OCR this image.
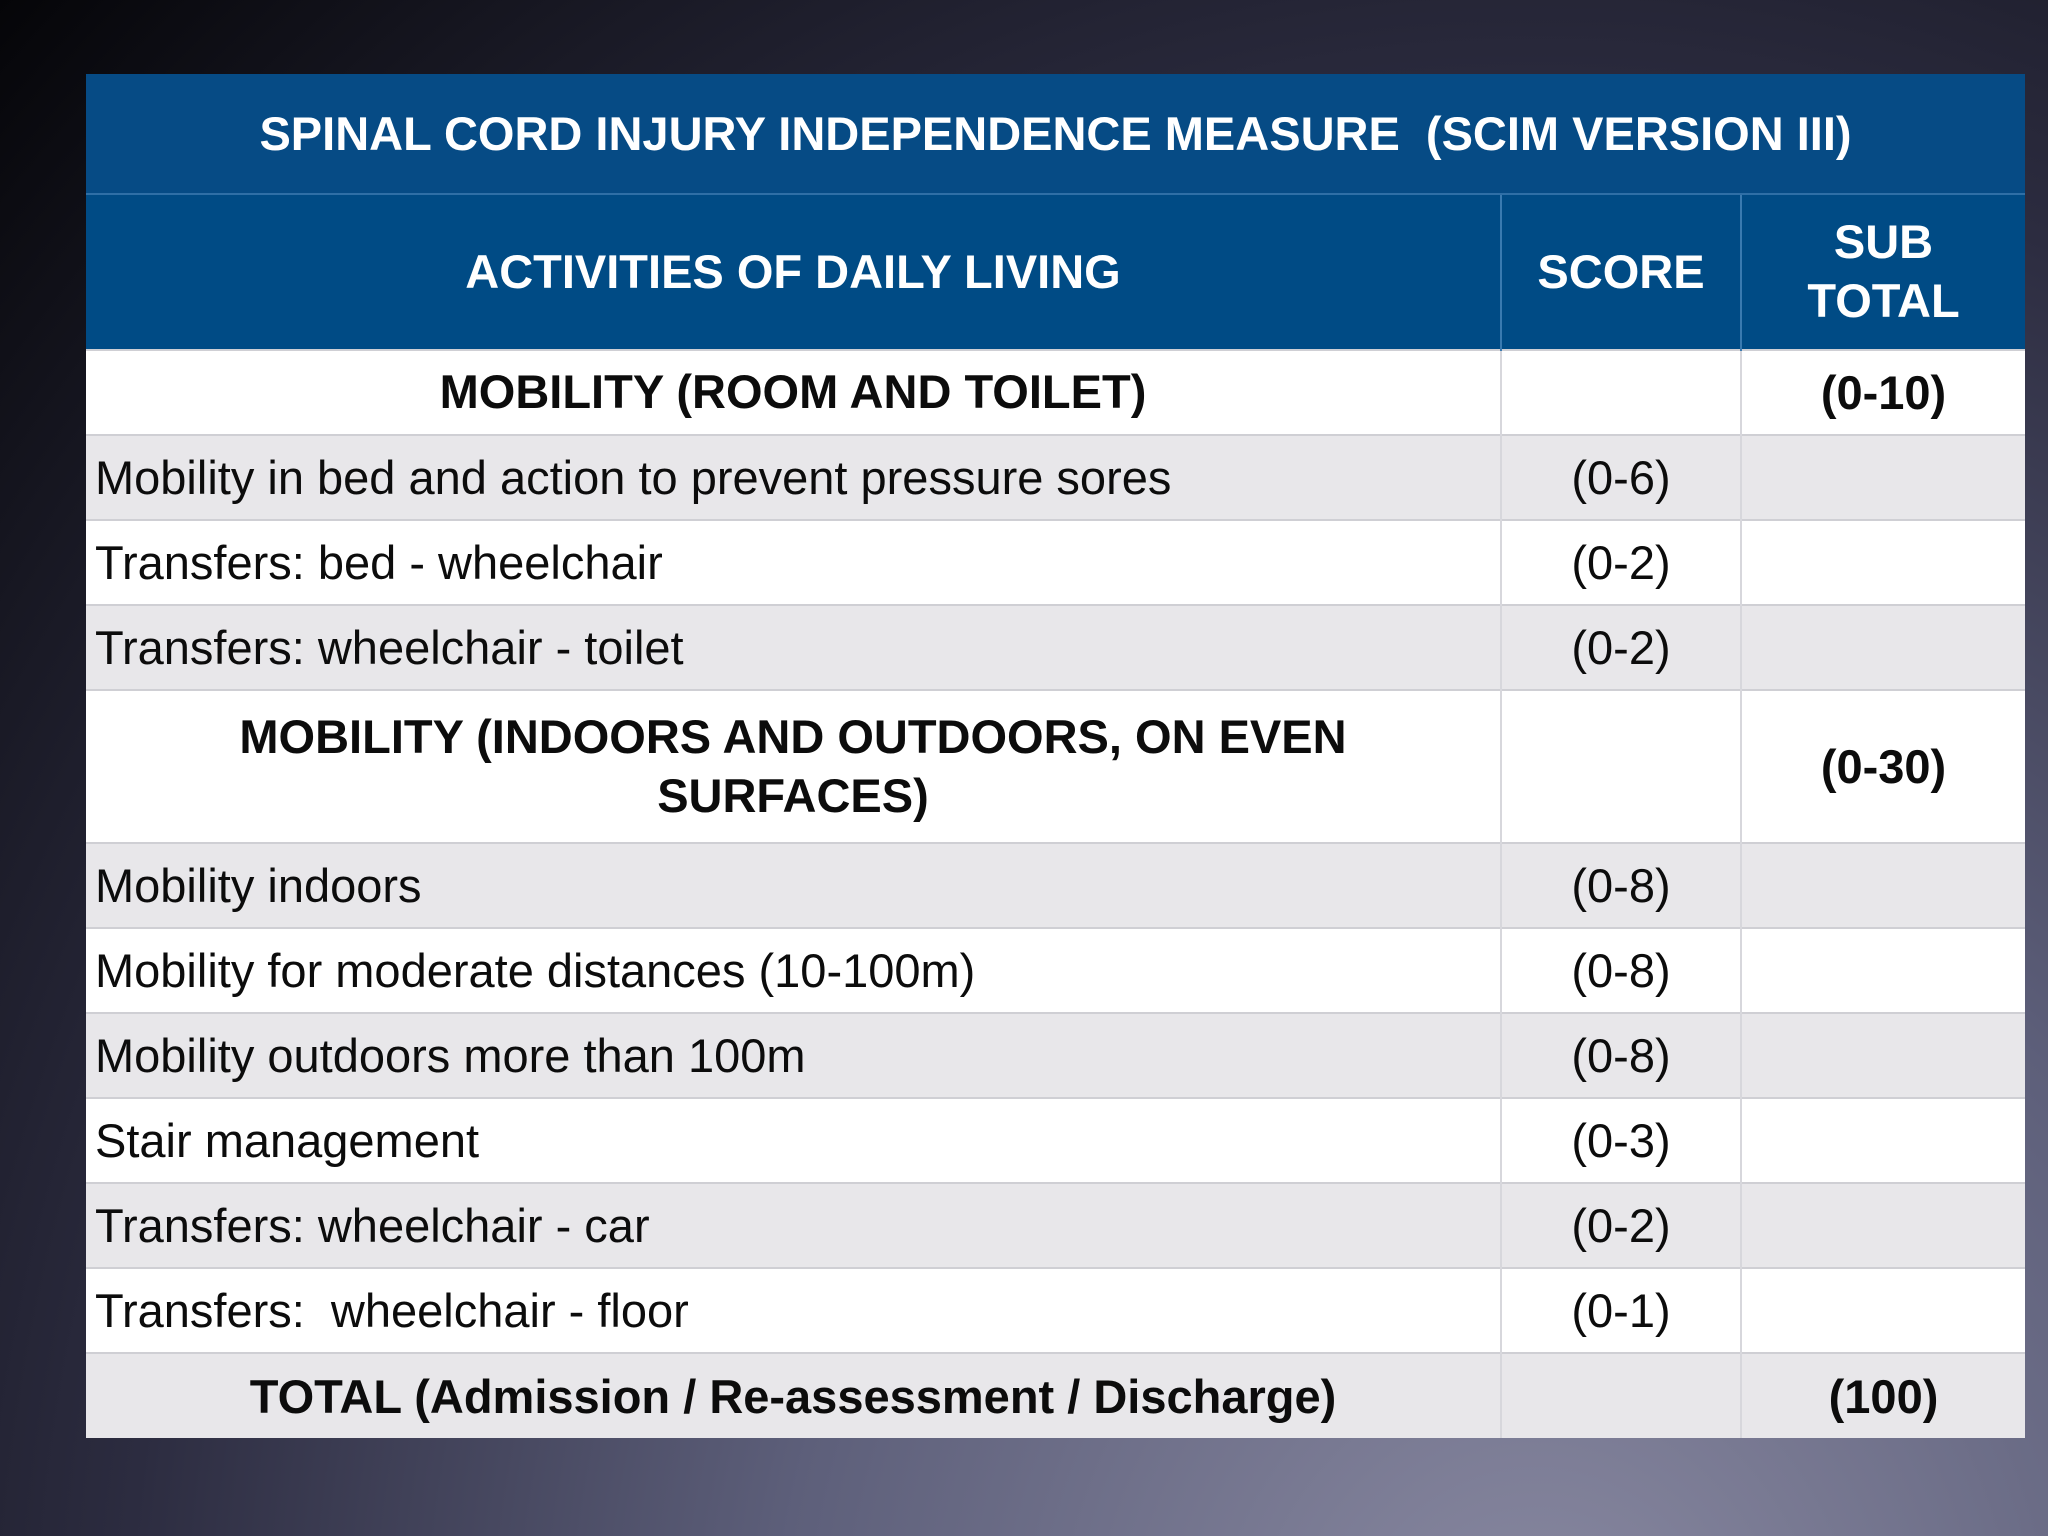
SPINAL CORD INJURY INDEPENDENCE MEASURE  (SCIM VERSION III)		
ACTIVITIES OF DAILY LIVING	SCORE	SUB
TOTAL
MOBILITY (ROOM AND TOILET)		(0-10)
Mobility in bed and action to prevent pressure sores	(0-6)	
Transfers: bed - wheelchair	(0-2)	
Transfers: wheelchair - toilet	(0-2)	
MOBILITY (INDOORS AND OUTDOORS, ON EVEN
SURFACES)		(0-30)
Mobility indoors	(0-8)	
Mobility for moderate distances (10-100m)	(0-8)	
Mobility outdoors more than 100m	(0-8)	
Stair management	(0-3)	
Transfers: wheelchair - car	(0-2)	
Transfers:  wheelchair - floor	(0-1)	
TOTAL (Admission / Re-assessment / Discharge)		(100)
